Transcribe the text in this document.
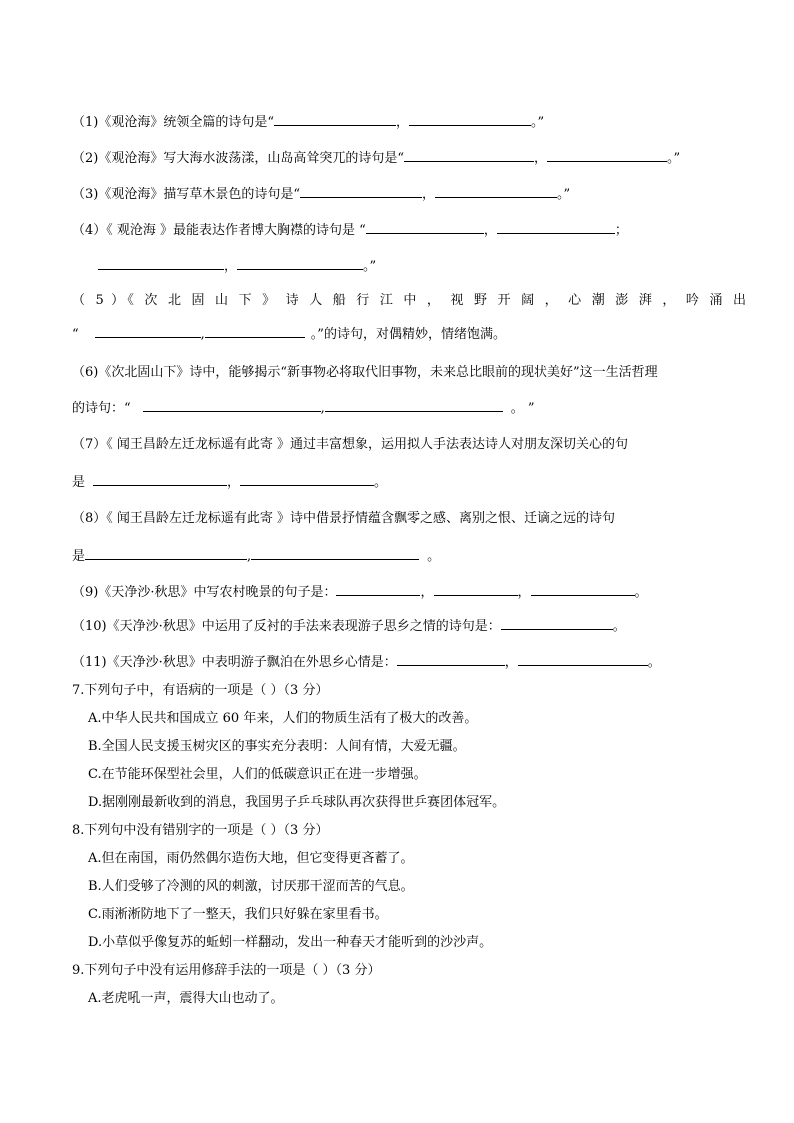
（1)《观沧海》统领全篇的诗句是“	，	。”
（2)《观沧海》写大海水波荡漾，山岛高耸突兀的诗句是“	，	。”
（3)《观沧海》描写草木景色的诗句是“	，	。”
（4）《 观沧海 》最能表达作者博大胸襟的诗句是 “	，	；
，	。”
（ 5 ）《 次 北 固 山 下 》 诗 人 船 行 江 中 ， 视 野 开 阔 ， 心 潮 澎 湃 ， 吟 涌 出
“	,	。”的诗句，对偶精妙，情绪饱满。
（6)《次北固山下》诗中，能够揭示“新事物必将取代旧事物，未来总比眼前的现状美好”这一生活哲理
的诗句：“	,	。 ”
（7）《 闻王昌龄左迁龙标遥有此寄 》通过丰富想象，运用拟人手法表达诗人对朋友深切关心的句
是	，	。
（8）《 闻王昌龄左迁龙标遥有此寄 》诗中借景抒情蕴含飘零之感、离别之恨、迁谪之远的诗句
是	,	。
（9)《天净沙·秋思》中写农村晚景的句子是：	，	，	。
（10)《天净沙·秋思》中运用了反衬的手法来表现游子思乡之情的诗句是：	。
（11)《天净沙·秋思》中表明游子飘泊在外思乡心情是：	，	。
7.下列句子中，有语病的一项是（ ）（3 分）
A.中华人民共和国成立 60 年来，人们的物质生活有了极大的改善。
B.全国人民支援玉树灾区的事实充分表明：人间有情，大爱无疆。
C.在节能环保型社会里，人们的低碳意识正在进一步增强。
D.据刚刚最新收到的消息，我国男子乒乓球队再次获得世乒赛团体冠军。
8.下列句中没有错别字的一项是（ ）（3 分）
A.但在南国，雨仍然偶尔造伤大地，但它变得更吝蓄了。
B.人们受够了冷测的风的刺激，讨厌那干涩而苦的气息。
C.雨淅淅防地下了一整天，我们只好躲在家里看书。
D.小草似乎像复苏的蚯蚓一样翻动，发出一种春天才能听到的沙沙声。
9.下列句子中没有运用修辞手法的一项是（ ）（3 分）
A.老虎吼一声，震得大山也动了。
